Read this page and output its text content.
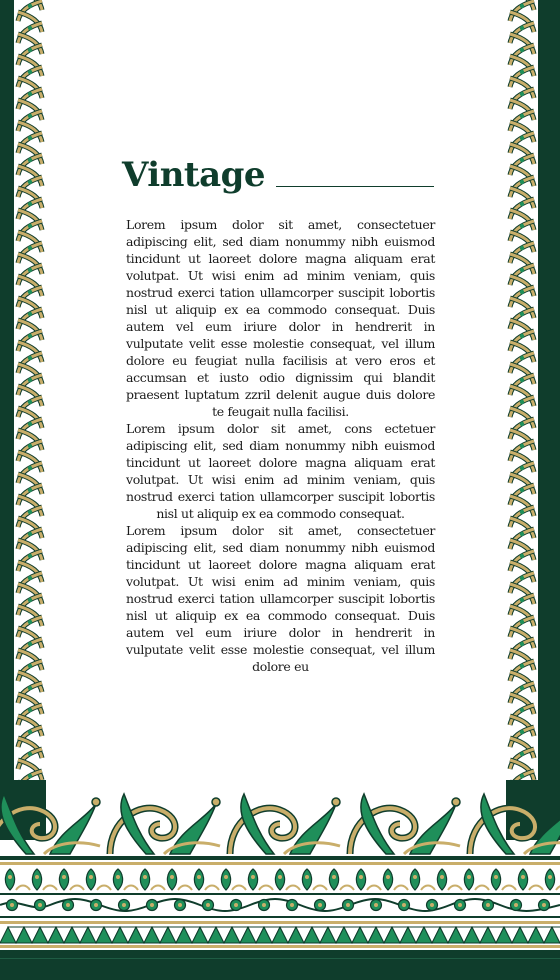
Vintage

Lorem ipsum dolor sit amet, consectetuer adipiscing elit, sed diam nonummy nibh euismod tincidunt ut laoreet dolore magna aliquam erat volutpat. Ut wisi enim ad minim veniam, quis nostrud exerci tation ullamcorper suscipit lobortis nisl ut aliquip ex ea commodo consequat. Duis autem vel eum iriure dolor in hendrerit in vulputate velit esse molestie consequat, vel illum dolore eu feugiat nulla facilisis at vero eros et accumsan et iusto odio dignissim qui blandit praesent luptatum zzril delenit augue duis dolore te feugait nulla facilisi.

Lorem ipsum dolor sit amet, cons ectetuer adipiscing elit, sed diam nonummy nibh euismod tincidunt ut laoreet dolore magna aliquam erat volutpat. Ut wisi enim ad minim veniam, quis nostrud exerci tation ullamcorper suscipit lobortis nisl ut aliquip ex ea commodo consequat.

Lorem ipsum dolor sit amet, consectetuer adipiscing elit, sed diam nonummy nibh euismod tincidunt ut laoreet dolore magna aliquam erat volutpat. Ut wisi enim ad minim veniam, quis nostrud exerci tation ullamcorper suscipit lobortis nisl ut aliquip ex ea commodo consequat. Duis autem vel eum iriure dolor in hendrerit in vulputate velit esse molestie consequat, vel illum dolore eu
